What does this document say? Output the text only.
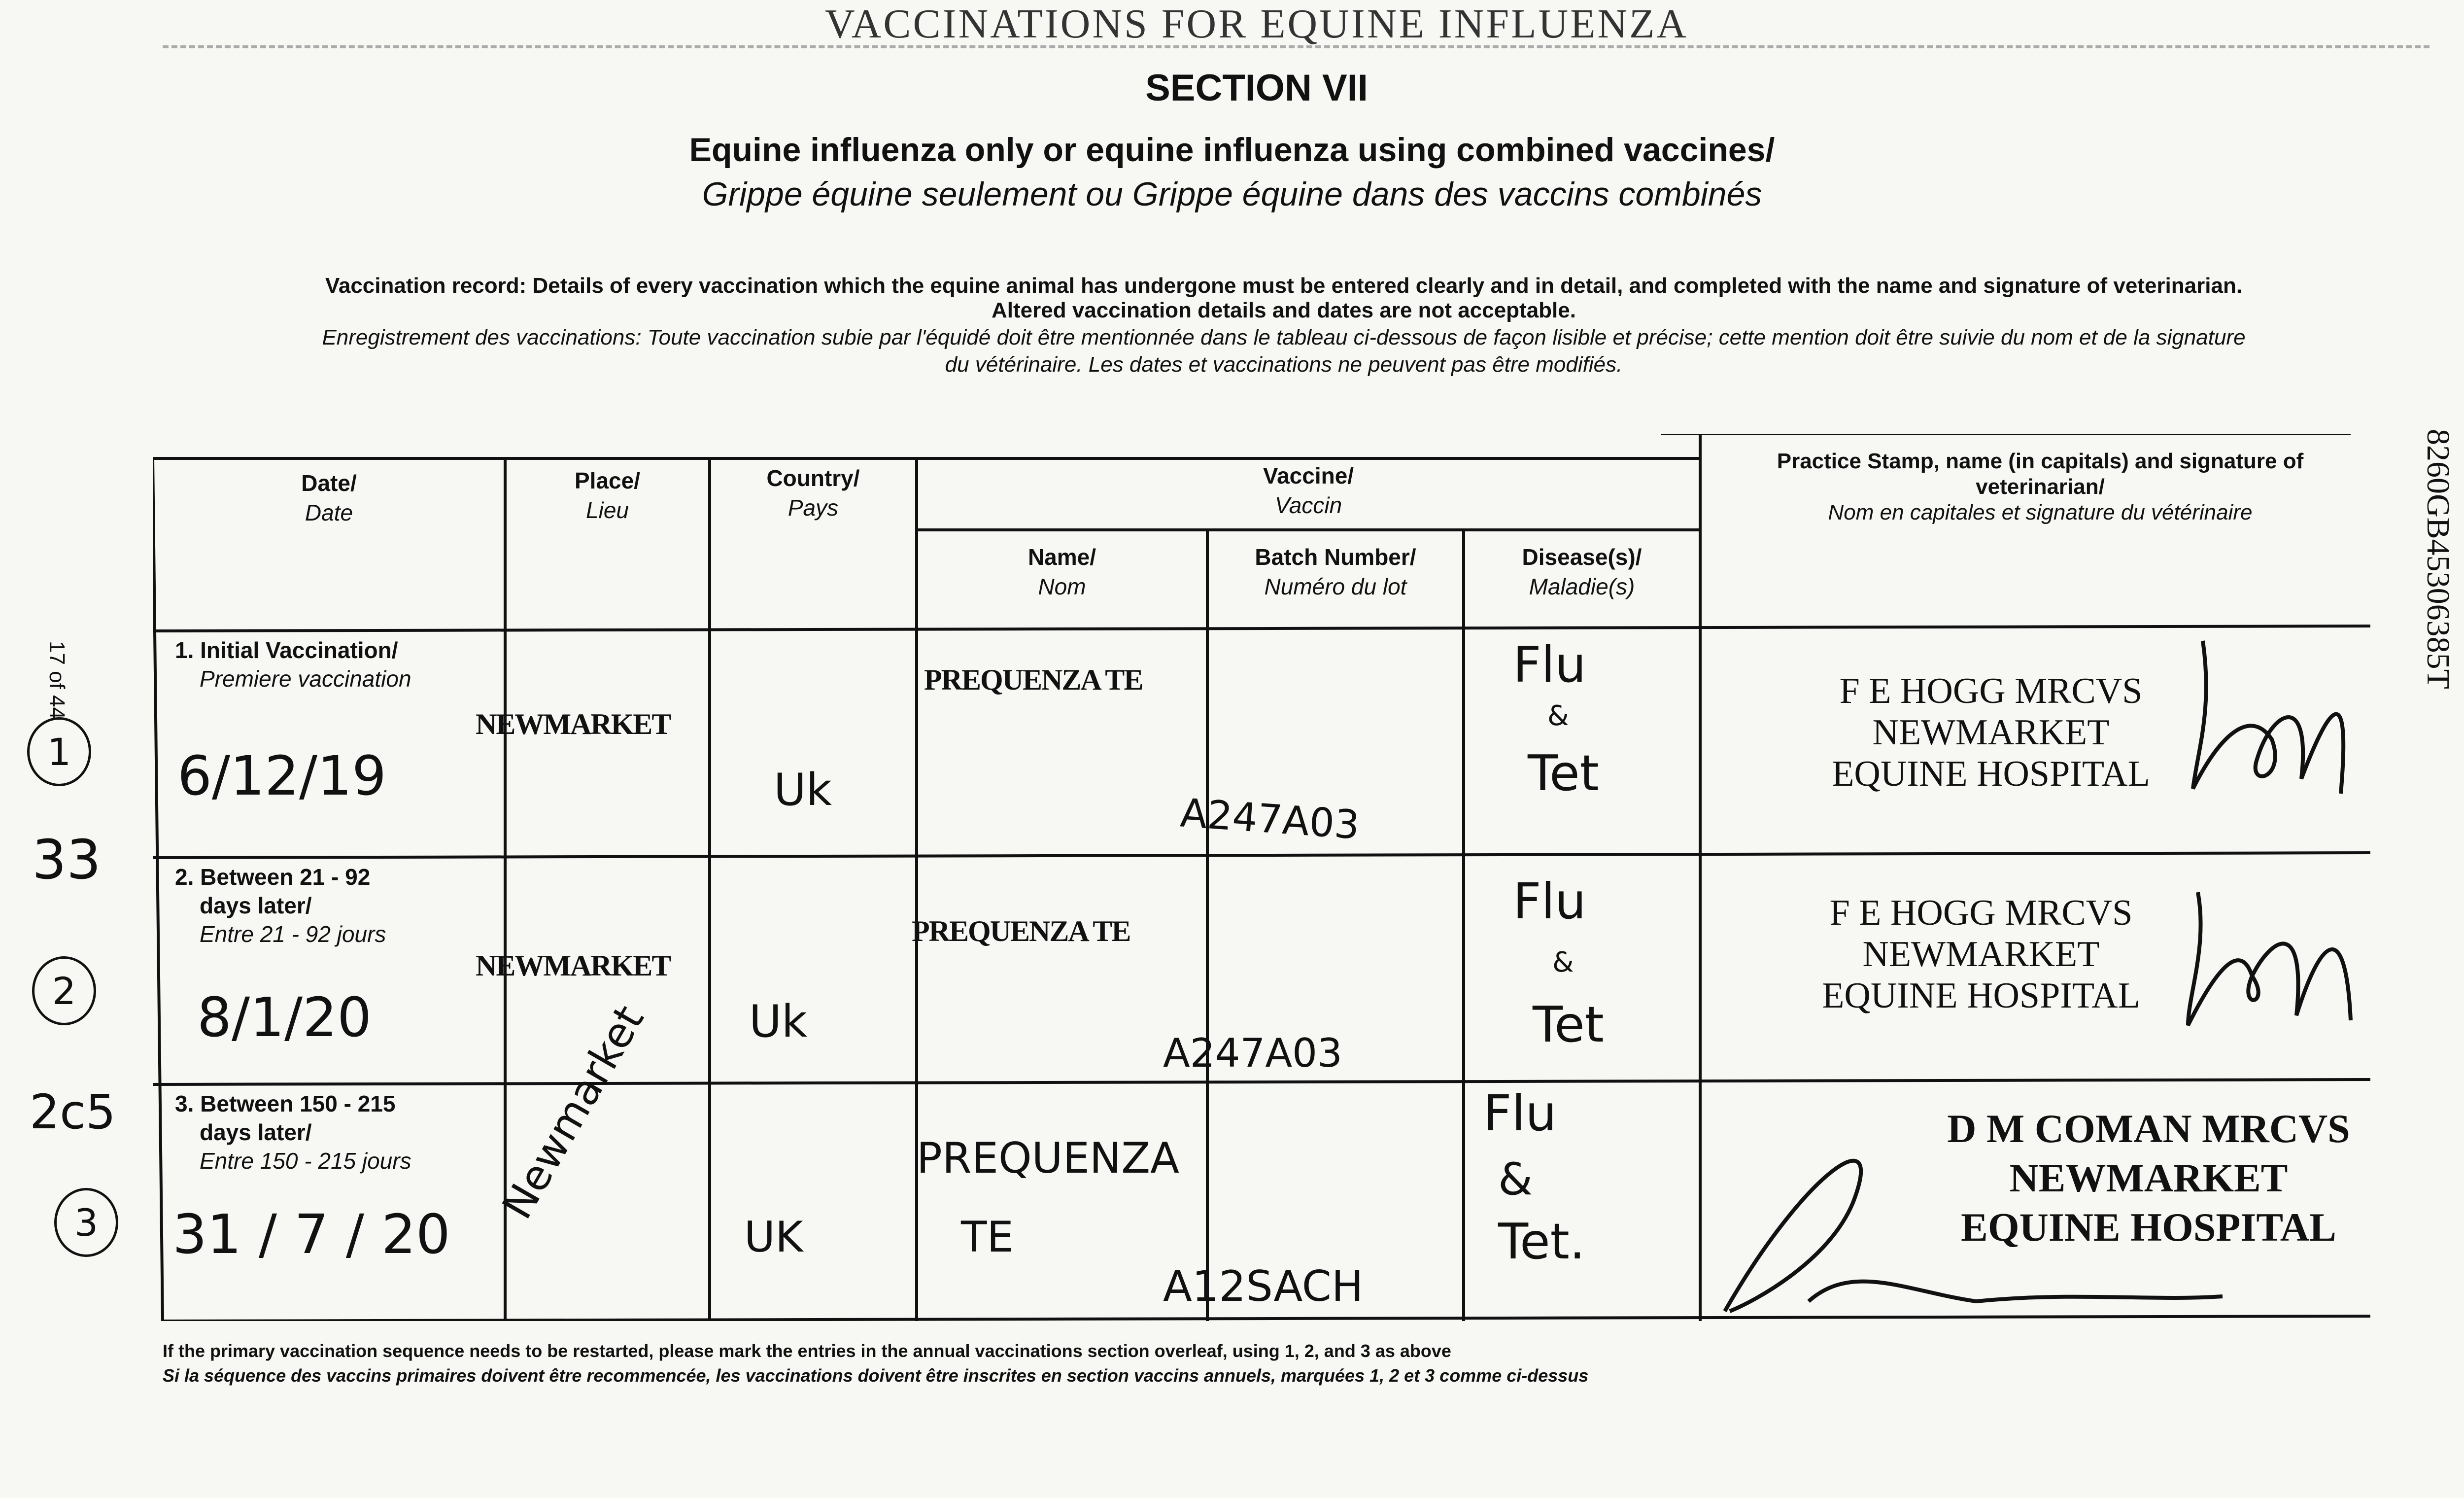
VACCINATIONS FOR EQUINE INFLUENZA
SECTION VII
Equine influenza only or equine influenza using combined vaccines/
Grippe équine seulement ou Grippe équine dans des vaccins combinés
Vaccination record: Details of every vaccination which the equine animal has undergone must be entered clearly and in detail, and completed with the name and signature of veterinarian.
Altered vaccination details and dates are not acceptable.
Enregistrement des vaccinations: Toute vaccination subie par l'équidé doit être mentionnée dans le tableau ci-dessous de façon lisible et précise; cette mention doit être suivie du nom et de la signature
du vétérinaire. Les dates et vaccinations ne peuvent pas être modifiés.
17 of 44	8260GB45306385T
1
33
2
2c5
3
Date/
Date
Place/
Lieu
Country/
Pays
Vaccine/
Vaccin
Name/
Nom
Batch Number/
Numéro du lot
Disease(s)/
Maladie(s)
Practice Stamp, name (in capitals) and signature of
veterinarian/
Nom en capitales et signature du vétérinaire
1. Initial Vaccination/
Premiere vaccination
6/12/19
NEWMARKET
Uk
PREQUENZA TE
A247A03
Flu
&
Tet
F E HOGG MRCVS
NEWMARKET
EQUINE HOSPITAL
2. Between 21 - 92
days later/
Entre 21 - 92 jours
8/1/20
NEWMARKET
Uk
PREQUENZA TE
A247A03
Flu
&
Tet
F E HOGG MRCVS
NEWMARKET
EQUINE HOSPITAL
3. Between 150 - 215
days later/
Entre 150 - 215 jours
31 / 7 / 20
Newmarket
UK
PREQUENZA
TE
A12SACH
Flu
&
Tet.
D M COMAN MRCVS
NEWMARKET
EQUINE HOSPITAL
If the primary vaccination sequence needs to be restarted, please mark the entries in the annual vaccinations section overleaf, using 1, 2, and 3 as above
Si la séquence des vaccins primaires doivent être recommencée, les vaccinations doivent être inscrites en section vaccins annuels, marquées 1, 2 et 3 comme ci-dessus
